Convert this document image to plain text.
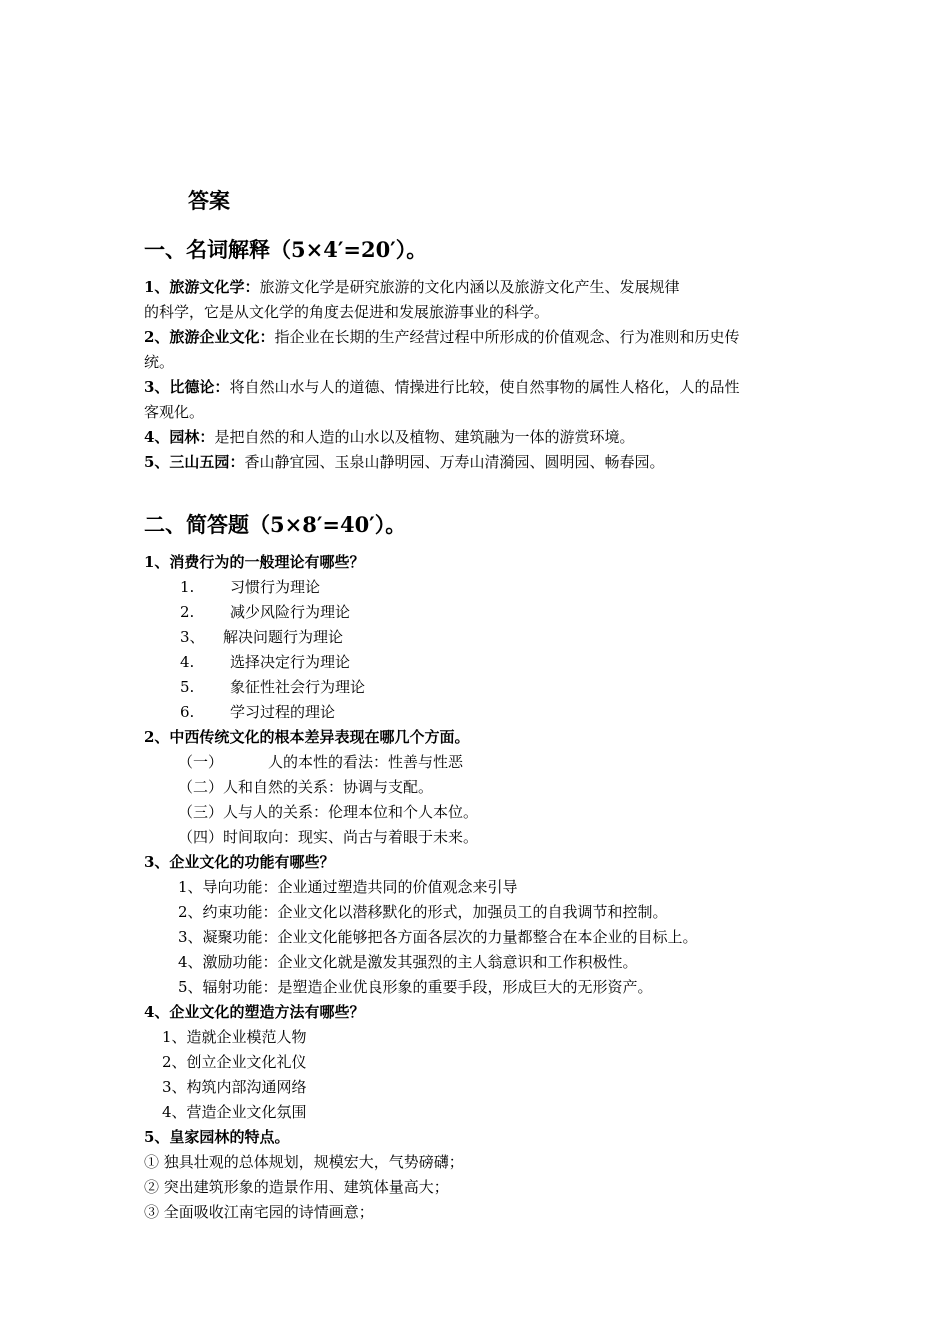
答案
一、名词解释（5×4′=20′）。
1、旅游文化学：旅游文化学是研究旅游的文化内涵以及旅游文化产生、发展规律
的科学，它是从文化学的角度去促进和发展旅游事业的科学。
2、旅游企业文化：指企业在长期的生产经营过程中所形成的价值观念、行为准则和历史传
统。
3、比德论：将自然山水与人的道德、情操进行比较，使自然事物的属性人格化，人的品性
客观化。
4、园林：是把自然的和人造的山水以及植物、建筑融为一体的游赏环境。
5、三山五园：香山静宜园、玉泉山静明园、万寿山清漪园、圆明园、畅春园。
二、简答题（5×8′=40′）。
1、消费行为的一般理论有哪些？
1. 习惯行为理论
2. 减少风险行为理论
3、 解决问题行为理论
4. 选择决定行为理论
5. 象征性社会行为理论
6. 学习过程的理论
2、中西传统文化的根本差异表现在哪几个方面。
（一）	人的本性的看法：性善与性恶
（二）人和自然的关系：协调与支配。
（三）人与人的关系：伦理本位和个人本位。
（四）时间取向：现实、尚古与着眼于未来。
3、企业文化的功能有哪些？
1、导向功能：企业通过塑造共同的价值观念来引导
2、约束功能：企业文化以潜移默化的形式，加强员工的自我调节和控制。
3、凝聚功能：企业文化能够把各方面各层次的力量都整合在本企业的目标上。
4、激励功能：企业文化就是激发其强烈的主人翁意识和工作积极性。
5、辐射功能：是塑造企业优良形象的重要手段，形成巨大的无形资产。
4、企业文化的塑造方法有哪些？
1、造就企业模范人物
2、创立企业文化礼仪
3、构筑内部沟通网络
4、营造企业文化氛围
5、皇家园林的特点。
① 独具壮观的总体规划，规模宏大，气势磅礴；
② 突出建筑形象的造景作用、建筑体量高大；
③ 全面吸收江南宅园的诗情画意；
